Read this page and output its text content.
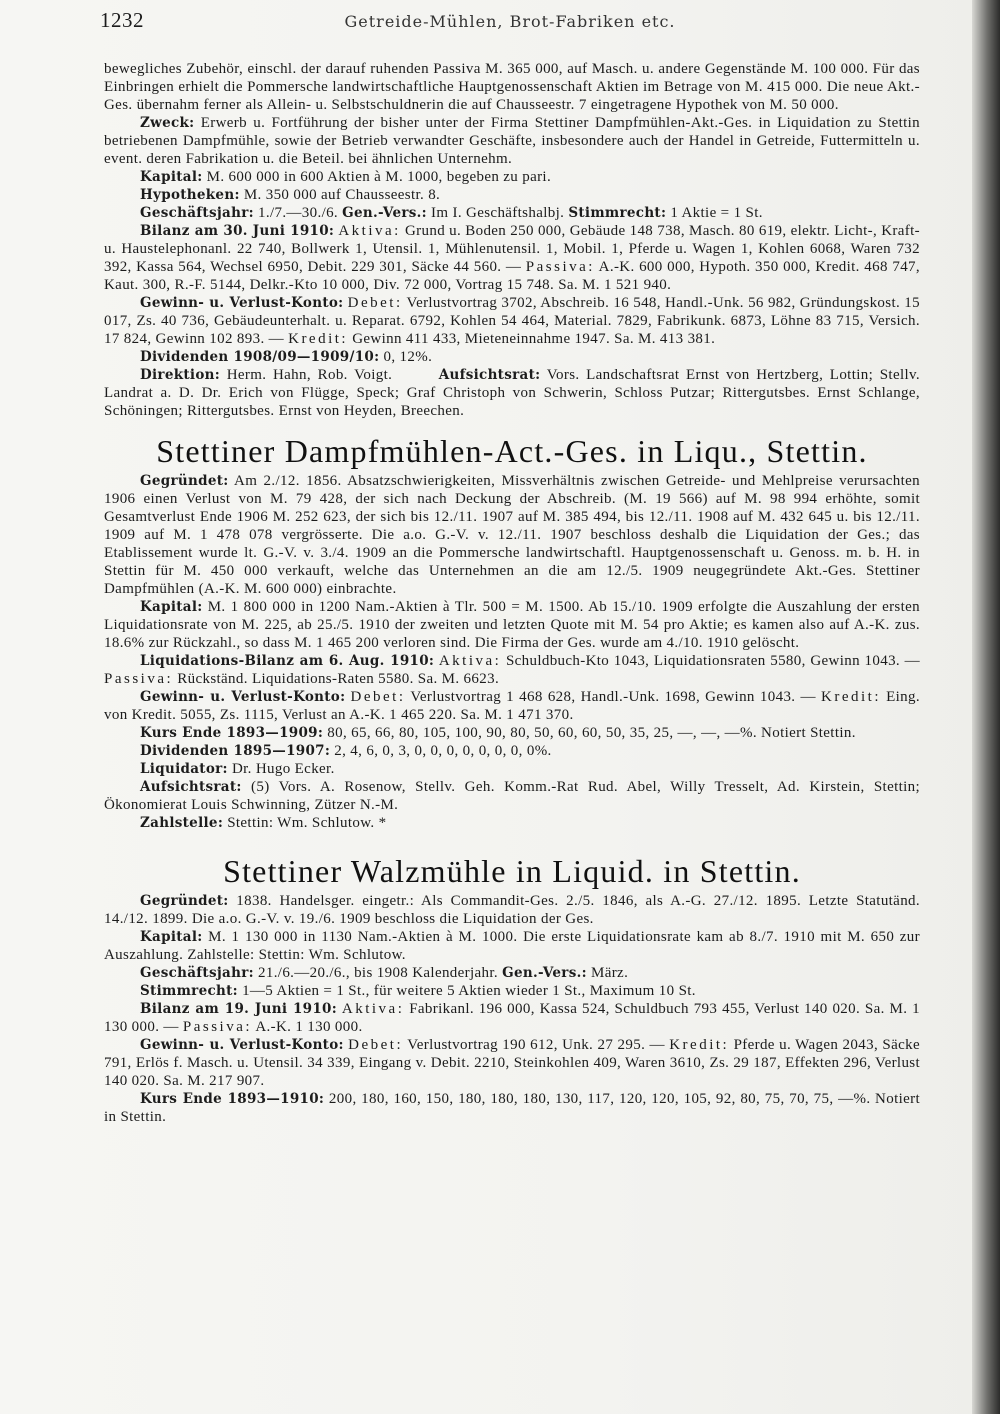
1232	Getreide-Mühlen, Brot-Fabriken etc.

bewegliches Zubehör, einschl. der darauf ruhenden Passiva M. 365 000, auf Masch. u. andere Gegenstände M. 100 000. Für das Einbringen erhielt die Pommersche landwirtschaftliche Hauptgenossenschaft Aktien im Betrage von M. 415 000. Die neue Akt.-Ges. übernahm ferner als Allein- u. Selbstschuldnerin die auf Chausseestr. 7 eingetragene Hypothek von M. 50 000.

Zweck: Erwerb u. Fortführung der bisher unter der Firma Stettiner Dampfmühlen-Akt.-Ges. in Liquidation zu Stettin betriebenen Dampfmühle, sowie der Betrieb verwandter Geschäfte, insbesondere auch der Handel in Getreide, Futtermitteln u. event. deren Fabrikation u. die Beteil. bei ähnlichen Unternehm.

Kapital: M. 600 000 in 600 Aktien à M. 1000, begeben zu pari.

Hypotheken: M. 350 000 auf Chausseestr. 8.

Geschäftsjahr: 1./7.—30./6. Gen.-Vers.: Im I. Geschäftshalbj. Stimmrecht: 1 Aktie = 1 St.

Bilanz am 30. Juni 1910: Aktiva: Grund u. Boden 250 000, Gebäude 148 738, Masch. 80 619, elektr. Licht-, Kraft- u. Haustelephonanl. 22 740, Bollwerk 1, Utensil. 1, Mühlenutensil. 1, Mobil. 1, Pferde u. Wagen 1, Kohlen 6068, Waren 732 392, Kassa 564, Wechsel 6950, Debit. 229 301, Säcke 44 560. — Passiva: A.-K. 600 000, Hypoth. 350 000, Kredit. 468 747, Kaut. 300, R.-F. 5144, Delkr.-Kto 10 000, Div. 72 000, Vortrag 15 748. Sa. M. 1 521 940.

Gewinn- u. Verlust-Konto: Debet: Verlustvortrag 3702, Abschreib. 16 548, Handl.-Unk. 56 982, Gründungskost. 15 017, Zs. 40 736, Gebäudeunterhalt. u. Reparat. 6792, Kohlen 54 464, Material. 7829, Fabrikunk. 6873, Löhne 83 715, Versich. 17 824, Gewinn 102 893. — Kredit: Gewinn 411 433, Mieteneinnahme 1947. Sa. M. 413 381.

Dividenden 1908/09—1909/10: 0, 12%.

Direktion: Herm. Hahn, Rob. Voigt.	Aufsichtsrat: Vors. Landschaftsrat Ernst von Hertzberg, Lottin; Stellv. Landrat a. D. Dr. Erich von Flügge, Speck; Graf Christoph von Schwerin, Schloss Putzar; Rittergutsbes. Ernst Schlange, Schöningen; Rittergutsbes. Ernst von Heyden, Breechen.

Stettiner Dampfmühlen-Act.-Ges. in Liqu., Stettin.

Gegründet: Am 2./12. 1856. Absatzschwierigkeiten, Missverhältnis zwischen Getreide- und Mehlpreise verursachten 1906 einen Verlust von M. 79 428, der sich nach Deckung der Abschreib. (M. 19 566) auf M. 98 994 erhöhte, somit Gesamtverlust Ende 1906 M. 252 623, der sich bis 12./11. 1907 auf M. 385 494, bis 12./11. 1908 auf M. 432 645 u. bis 12./11. 1909 auf M. 1 478 078 vergrösserte. Die a.o. G.-V. v. 12./11. 1907 beschloss deshalb die Liquidation der Ges.; das Etablissement wurde lt. G.-V. v. 3./4. 1909 an die Pommersche landwirtschaftl. Hauptgenossenschaft u. Genoss. m. b. H. in Stettin für M. 450 000 verkauft, welche das Unternehmen an die am 12./5. 1909 neugegründete Akt.-Ges. Stettiner Dampfmühlen (A.-K. M. 600 000) einbrachte.

Kapital: M. 1 800 000 in 1200 Nam.-Aktien à Tlr. 500 = M. 1500. Ab 15./10. 1909 erfolgte die Auszahlung der ersten Liquidationsrate von M. 225, ab 25./5. 1910 der zweiten und letzten Quote mit M. 54 pro Aktie; es kamen also auf A.-K. zus. 18.6% zur Rückzahl., so dass M. 1 465 200 verloren sind. Die Firma der Ges. wurde am 4./10. 1910 gelöscht.

Liquidations-Bilanz am 6. Aug. 1910: Aktiva: Schuldbuch-Kto 1043, Liquidationsraten 5580, Gewinn 1043. — Passiva: Rückständ. Liquidations-Raten 5580. Sa. M. 6623.

Gewinn- u. Verlust-Konto: Debet: Verlustvortrag 1 468 628, Handl.-Unk. 1698, Gewinn 1043. — Kredit: Eing. von Kredit. 5055, Zs. 1115, Verlust an A.-K. 1 465 220. Sa. M. 1 471 370.

Kurs Ende 1893—1909: 80, 65, 66, 80, 105, 100, 90, 80, 50, 60, 60, 50, 35, 25, —, —, —%. Notiert Stettin.

Dividenden 1895—1907: 2, 4, 6, 0, 3, 0, 0, 0, 0, 0, 0, 0, 0%.

Liquidator: Dr. Hugo Ecker.

Aufsichtsrat: (5) Vors. A. Rosenow, Stellv. Geh. Komm.-Rat Rud. Abel, Willy Tresselt, Ad. Kirstein, Stettin; Ökonomierat Louis Schwinning, Zützer N.-M.

Zahlstelle: Stettin: Wm. Schlutow. *

Stettiner Walzmühle in Liquid. in Stettin.

Gegründet: 1838. Handelsger. eingetr.: Als Commandit-Ges. 2./5. 1846, als A.-G. 27./12. 1895. Letzte Statutänd. 14./12. 1899. Die a.o. G.-V. v. 19./6. 1909 beschloss die Liquidation der Ges.

Kapital: M. 1 130 000 in 1130 Nam.-Aktien à M. 1000. Die erste Liquidationsrate kam ab 8./7. 1910 mit M. 650 zur Auszahlung. Zahlstelle: Stettin: Wm. Schlutow.

Geschäftsjahr: 21./6.—20./6., bis 1908 Kalenderjahr. Gen.-Vers.: März.

Stimmrecht: 1—5 Aktien = 1 St., für weitere 5 Aktien wieder 1 St., Maximum 10 St.

Bilanz am 19. Juni 1910: Aktiva: Fabrikanl. 196 000, Kassa 524, Schuldbuch 793 455, Verlust 140 020. Sa. M. 1 130 000. — Passiva: A.-K. 1 130 000.

Gewinn- u. Verlust-Konto: Debet: Verlustvortrag 190 612, Unk. 27 295. — Kredit: Pferde u. Wagen 2043, Säcke 791, Erlös f. Masch. u. Utensil. 34 339, Eingang v. Debit. 2210, Steinkohlen 409, Waren 3610, Zs. 29 187, Effekten 296, Verlust 140 020. Sa. M. 217 907.

Kurs Ende 1893—1910: 200, 180, 160, 150, 180, 180, 180, 130, 117, 120, 120, 105, 92, 80, 75, 70, 75, —%. Notiert in Stettin.
